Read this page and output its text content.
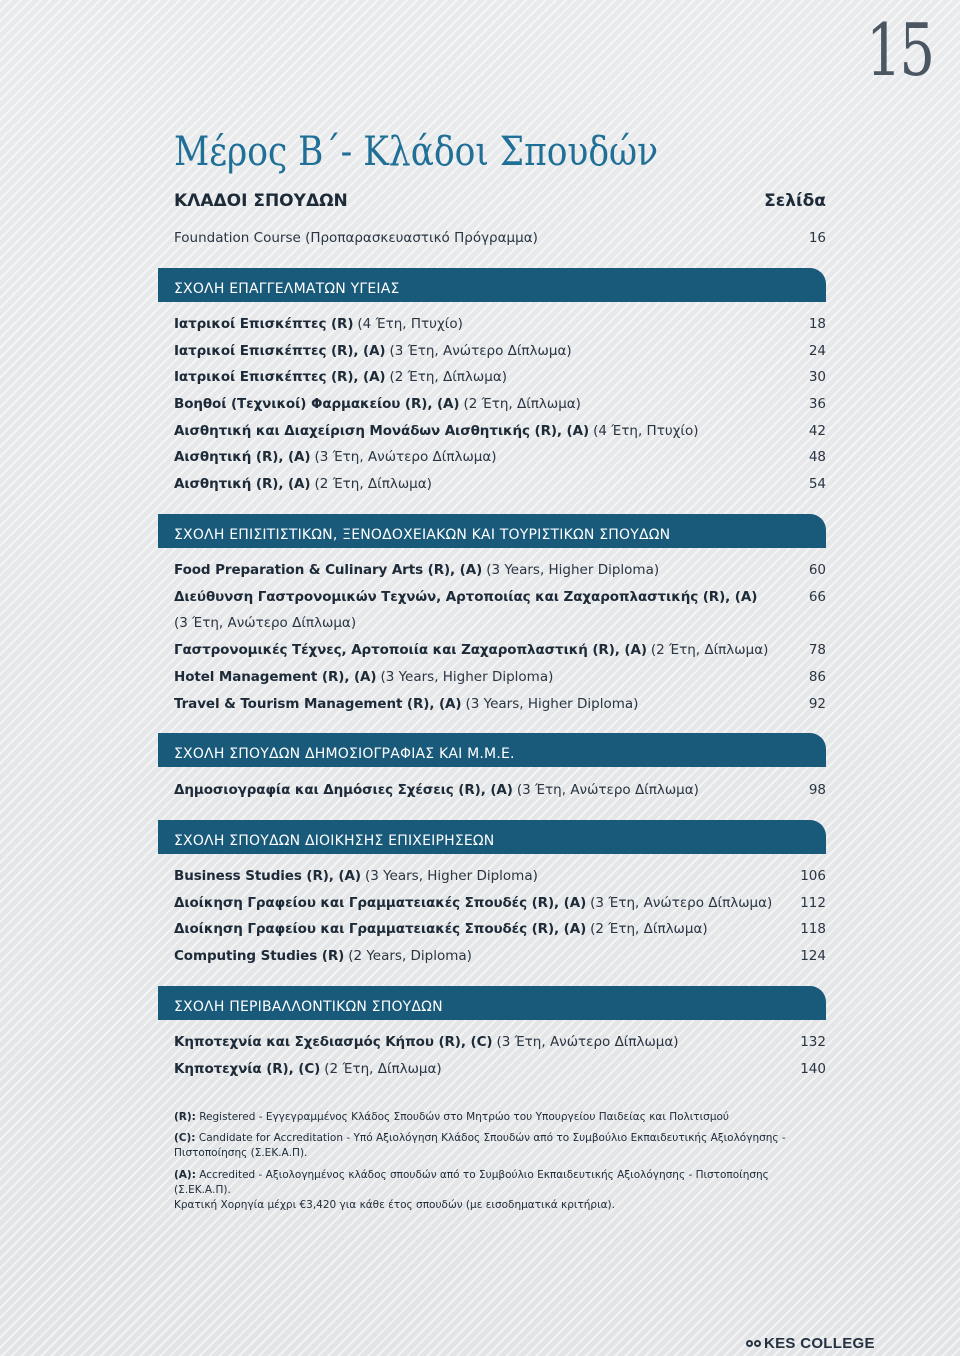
15
Μέρος Β΄- Κλάδοι Σπουδών
ΚΛΑΔΟΙ ΣΠΟΥΔΩΝ	Σελίδα
Foundation Course (Προπαρασκευαστικό Πρόγραμμα)	16
ΣΧΟΛΗ ΕΠΑΓΓΕΛΜΑΤΩΝ ΥΓΕΙΑΣ
Ιατρικοί Επισκέπτες (R) (4 Έτη, Πτυχίο)	18
Ιατρικοί Επισκέπτες (R), (A) (3 Έτη, Ανώτερο Δίπλωμα)	24
Ιατρικοί Επισκέπτες (R), (A) (2 Έτη, Δίπλωμα)	30
Βοηθοί (Τεχνικοί) Φαρμακείου (R), (A) (2 Έτη, Δίπλωμα)	36
Αισθητική και Διαχείριση Μονάδων Αισθητικής (R), (A) (4 Έτη, Πτυχίο)	42
Αισθητική (R), (A) (3 Έτη, Ανώτερο Δίπλωμα)	48
Αισθητική (R), (A) (2 Έτη, Δίπλωμα)	54
ΣΧΟΛΗ ΕΠΙΣΙΤΙΣΤΙΚΩΝ, ΞΕΝΟΔΟΧΕΙΑΚΩΝ ΚΑΙ ΤΟΥΡΙΣΤΙΚΩΝ ΣΠΟΥΔΩΝ
Food Preparation & Culinary Arts (R), (A) (3 Years, Higher Diploma)	60
Διεύθυνση Γαστρονομικών Τεχνών, Αρτοποιίας και Ζαχαροπλαστικής (R), (A)	66
(3 Έτη, Ανώτερο Δίπλωμα)
Γαστρονομικές Τέχνες, Αρτοποιία και Ζαχαροπλαστική (R), (A) (2 Έτη, Δίπλωμα)	78
Hotel Management (R), (A) (3 Years, Higher Diploma)	86
Travel & Tourism Management (R), (A) (3 Years, Higher Diploma)	92
ΣΧΟΛΗ ΣΠΟΥΔΩΝ ΔΗΜΟΣΙΟΓΡΑΦΙΑΣ ΚΑΙ Μ.Μ.Ε.
Δημοσιογραφία και Δημόσιες Σχέσεις (R), (A) (3 Έτη, Ανώτερο Δίπλωμα)	98
ΣΧΟΛΗ ΣΠΟΥΔΩΝ ΔΙΟΙΚΗΣΗΣ ΕΠΙΧΕΙΡΗΣΕΩΝ
Business Studies (R), (A) (3 Years, Higher Diploma)	106
Διοίκηση Γραφείου και Γραμματειακές Σπουδές (R), (A) (3 Έτη, Ανώτερο Δίπλωμα) 112
Διοίκηση Γραφείου και Γραμματειακές Σπουδές (R), (A) (2 Έτη, Δίπλωμα)	118
Computing Studies (R) (2 Years, Diploma)	124
ΣΧΟΛΗ ΠΕΡΙΒΑΛΛΟΝΤΙΚΩΝ ΣΠΟΥΔΩΝ
Κηποτεχνία και Σχεδιασμός Κήπου (R), (C) (3 Έτη, Ανώτερο Δίπλωμα)	132
Κηποτεχνία (R), (C) (2 Έτη, Δίπλωμα)	140
(R): Registered - Εγγεγραμμένος Κλάδος Σπουδών στο Μητρώο του Υπουργείου Παιδείας και Πολιτισμού
(C): Candidate for Accreditation - Υπό Αξιολόγηση Κλάδος Σπουδών από το Συμβούλιο Εκπαιδευτικής Αξιολόγησης - Πιστοποίησης (Σ.ΕΚ.Α.Π).
(A): Accredited - Αξιολογημένος κλάδος σπουδών από το Συμβούλιο Εκπαιδευτικής Αξιολόγησης - Πιστοποίησης (Σ.ΕΚ.Α.Π).
Κρατική Χορηγία μέχρι €3,420 για κάθε έτος σπουδών (με εισοδηματικά κριτήρια).
KES COLLEGE
